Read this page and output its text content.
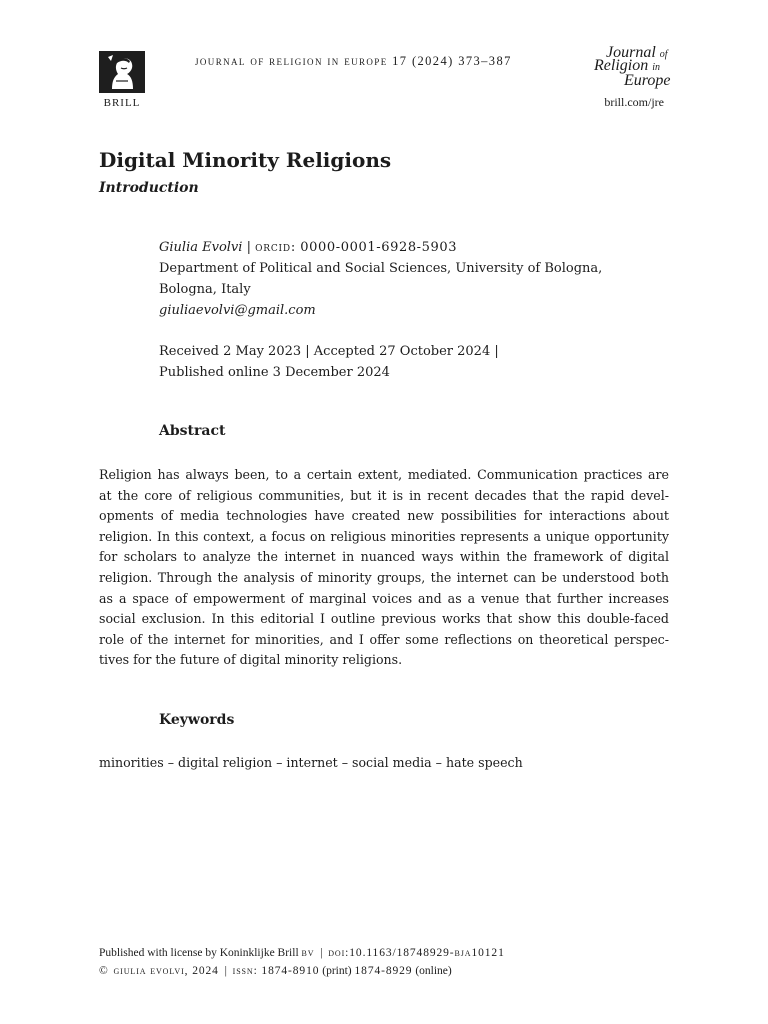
BRILL
journal of religion in europe 17 (2024) 373–387	Journal of
Religion in
Europe
brill.com/jre
Digital Minority Religions
Introduction
Giulia Evolvi | orcid: 0000-0001-6928-5903
Department of Political and Social Sciences, University of Bologna,
Bologna, Italy
giuliaevolvi@gmail.com
Received 2 May 2023 | Accepted 27 October 2024 |
Published online 3 December 2024
Abstract
Religion has always been, to a certain extent, mediated. Communication practices are
at the core of religious communities, but it is in recent decades that the rapid devel-
opments of media technologies have created new possibilities for interactions about
religion. In this context, a focus on religious minorities represents a unique opportunity
for scholars to analyze the internet in nuanced ways within the framework of digital
religion. Through the analysis of minority groups, the internet can be understood both
as a space of empowerment of marginal voices and as a venue that further increases
social exclusion. In this editorial I outline previous works that show this double-faced
role of the internet for minorities, and I offer some reflections on theoretical perspec-
tives for the future of digital minority religions.
Keywords
minorities – digital religion – internet – social media – hate speech
Published with license by Koninklijke Brill bv | doi:10.1163/18748929-bja10121
© giulia evolvi, 2024 | issn: 1874-8910 (print) 1874-8929 (online)
